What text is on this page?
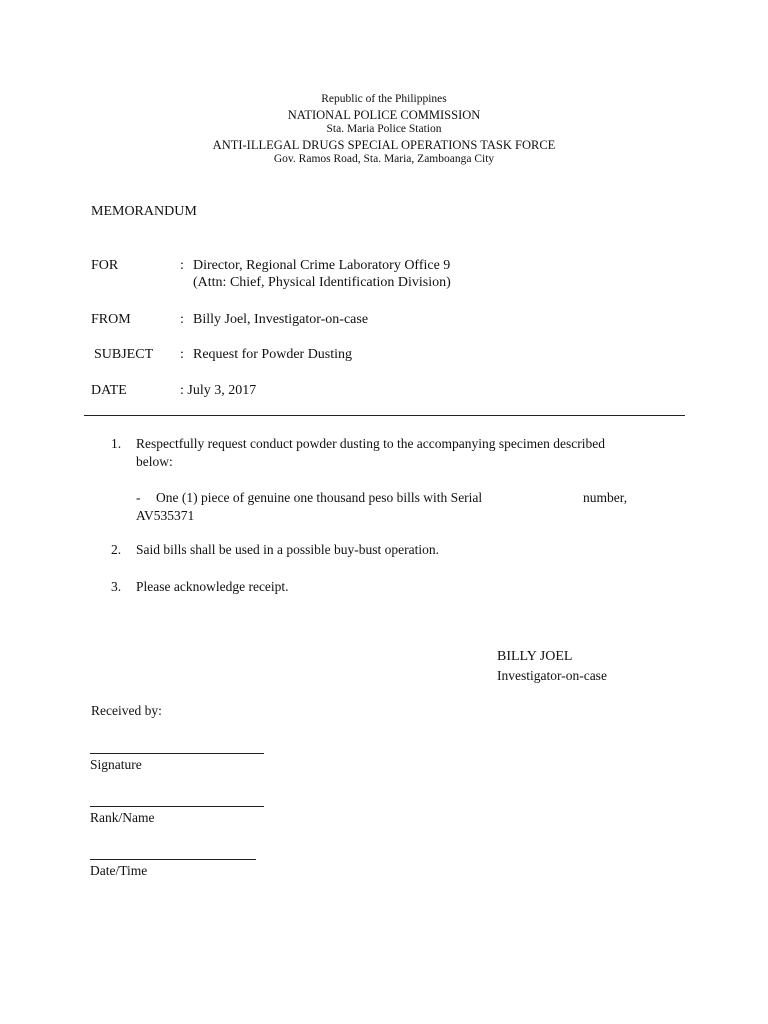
Republic of the Philippines
NATIONAL POLICE COMMISSION
Sta. Maria Police Station
ANTI-ILLEGAL DRUGS SPECIAL OPERATIONS TASK FORCE
Gov. Ramos Road, Sta. Maria, Zamboanga City
MEMORANDUM
FOR	: Director, Regional Crime Laboratory Office 9
(Attn: Chief, Physical Identification Division)
FROM	: Billy Joel, Investigator-on-case
SUBJECT : Request for Powder Dusting
DATE	: July 3, 2017
1. Respectfully request conduct powder dusting to the accompanying specimen described
below:
- One (1) piece of genuine one thousand peso bills with Serial	number,
AV535371
2. Said bills shall be used in a possible buy-bust operation.
3. Please acknowledge receipt.
BILLY JOEL
Investigator-on-case
Received by:
Signature
Rank/Name
Date/Time
